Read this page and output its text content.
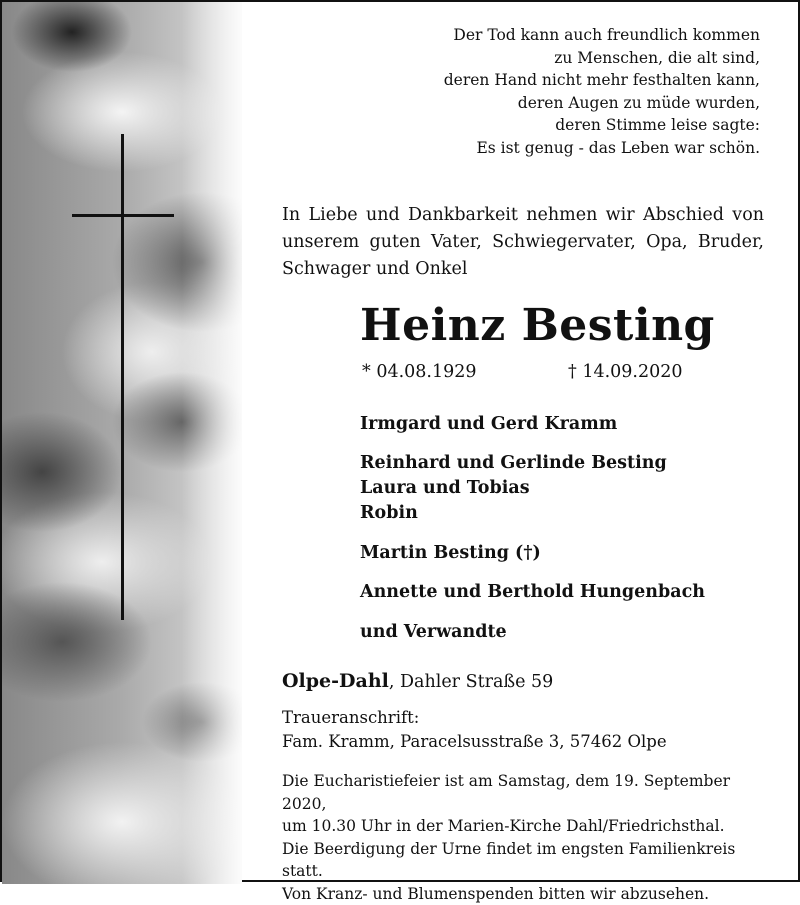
Der Tod kann auch freundlich kommen
zu Menschen, die alt sind,
deren Hand nicht mehr festhalten kann,
deren Augen zu müde wurden,
deren Stimme leise sagte:
Es ist genug - das Leben war schön.
In Liebe und Dankbarkeit nehmen wir Abschied von
unserem guten Vater, Schwiegervater, Opa, Bruder,
Schwager und Onkel
Heinz Besting
* 04.08.1929	† 14.09.2020
Irmgard und Gerd Kramm
Reinhard und Gerlinde Besting
Laura und Tobias
Robin
Martin Besting (†)
Annette und Berthold Hungenbach
und Verwandte
Olpe-Dahl, Dahler Straße 59
Traueranschrift:
Fam. Kramm, Paracelsusstraße 3, 57462 Olpe
Die Eucharistiefeier ist am Samstag, dem 19. September 2020,
um 10.30 Uhr in der Marien-Kirche Dahl/Friedrichsthal.
Die Beerdigung der Urne findet im engsten Familienkreis statt.
Von Kranz- und Blumenspenden bitten wir abzusehen.
